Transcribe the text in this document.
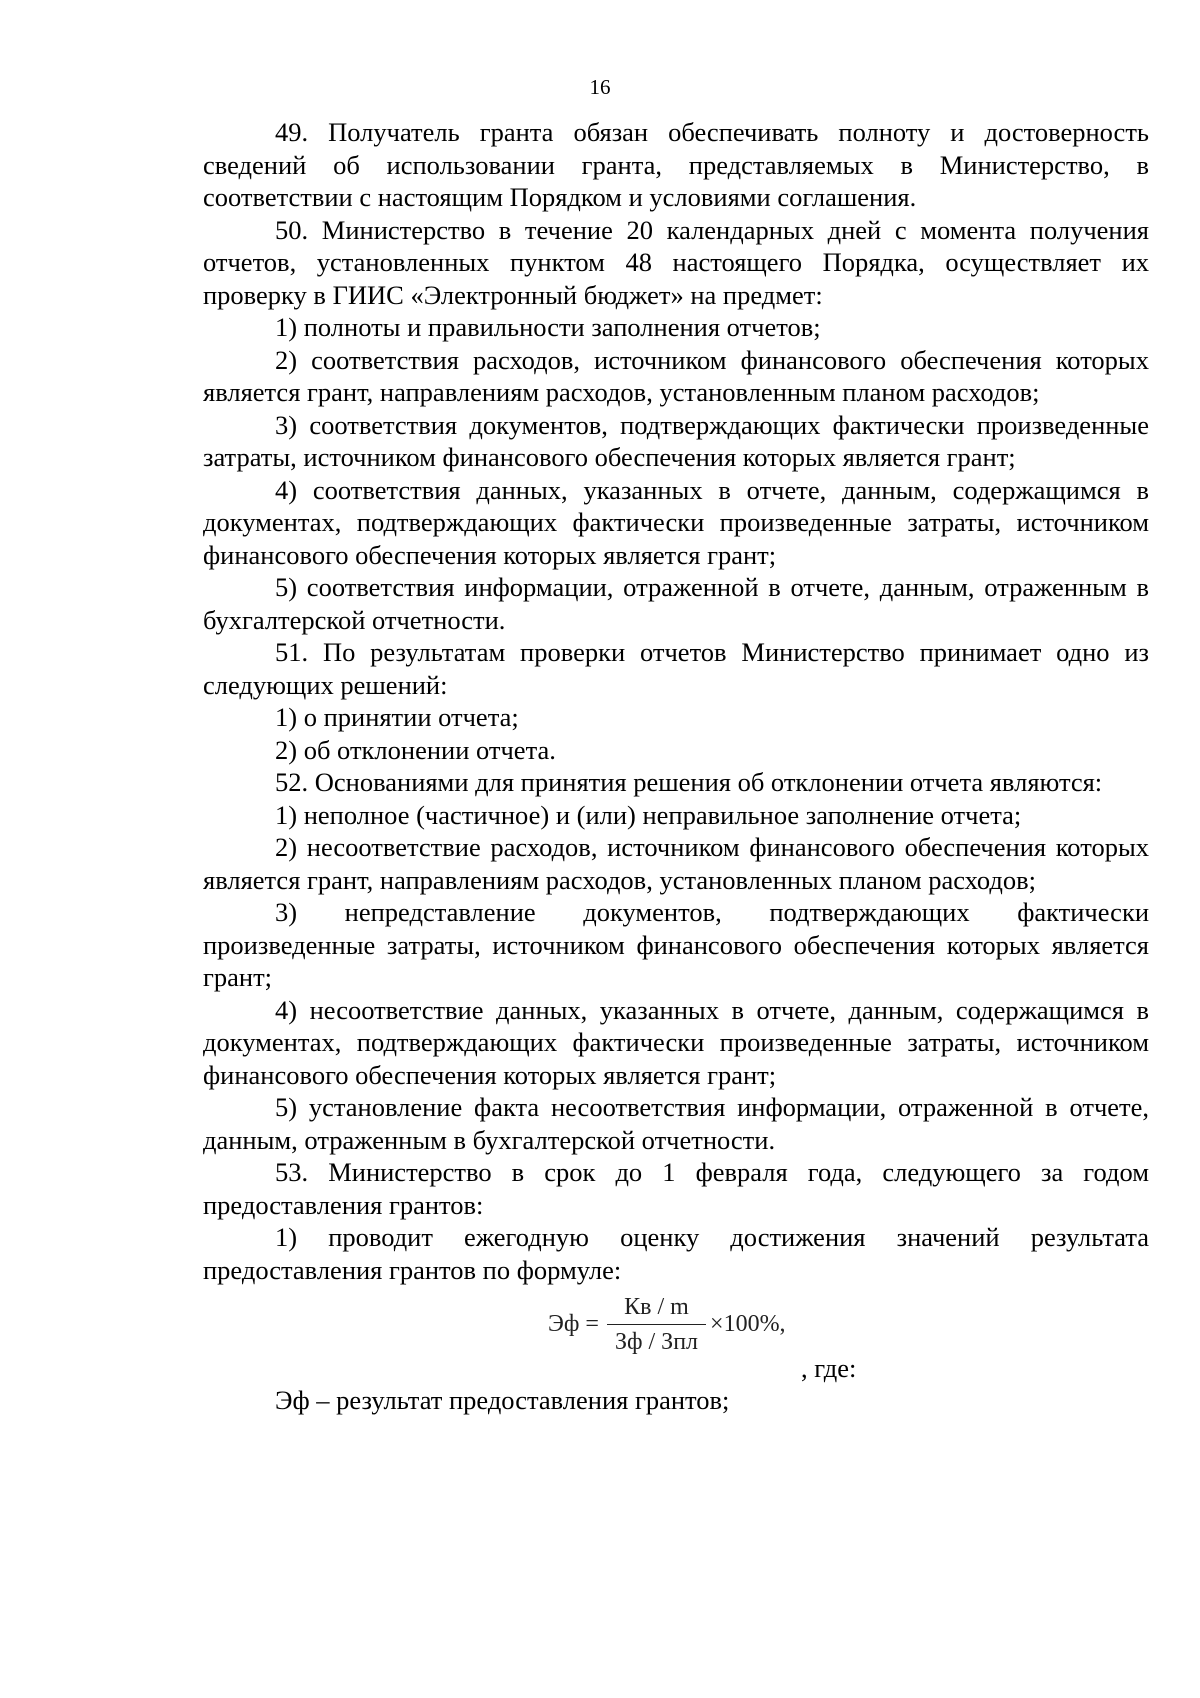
16

49. Получатель гранта обязан обеспечивать полноту и достоверность сведений об использовании гранта, представляемых в Министерство, в соответствии с настоящим Порядком и условиями соглашения.

50. Министерство в течение 20 календарных дней с момента получения отчетов, установленных пунктом 48 настоящего Порядка, осуществляет их проверку в ГИИС «Электронный бюджет» на предмет:

1) полноты и правильности заполнения отчетов;

2) соответствия расходов, источником финансового обеспечения которых является грант, направлениям расходов, установленным планом расходов;

3) соответствия документов, подтверждающих фактически произведенные затраты, источником финансового обеспечения которых является грант;

4) соответствия данных, указанных в отчете, данным, содержащимся в документах, подтверждающих фактически произведенные затраты, источником финансового обеспечения которых является грант;

5) соответствия информации, отраженной в отчете, данным, отраженным в бухгалтерской отчетности.

51. По результатам проверки отчетов Министерство принимает одно из следующих решений:

1) о принятии отчета;

2) об отклонении отчета.

52. Основаниями для принятия решения об отклонении отчета являются:

1) неполное (частичное) и (или) неправильное заполнение отчета;

2) несоответствие расходов, источником финансового обеспечения которых является грант, направлениям расходов, установленных планом расходов;

3) непредставление документов, подтверждающих фактически произведенные затраты, источником финансового обеспечения которых является грант;

4) несоответствие данных, указанных в отчете, данным, содержащимся в документах, подтверждающих фактически произведенные затраты, источником финансового обеспечения которых является грант;

5) установление факта несоответствия информации, отраженной в отчете, данным, отраженным в бухгалтерской отчетности.

53. Министерство в срок до 1 февраля года, следующего за годом предоставления грантов:

1) проводит ежегодную оценку достижения значений результата предоставления грантов по формуле:

Эф = $\frac{Кв / m}{\text{Зф / Зпл}} \times 100\%$,
, где:

Эф – результат предоставления грантов;
